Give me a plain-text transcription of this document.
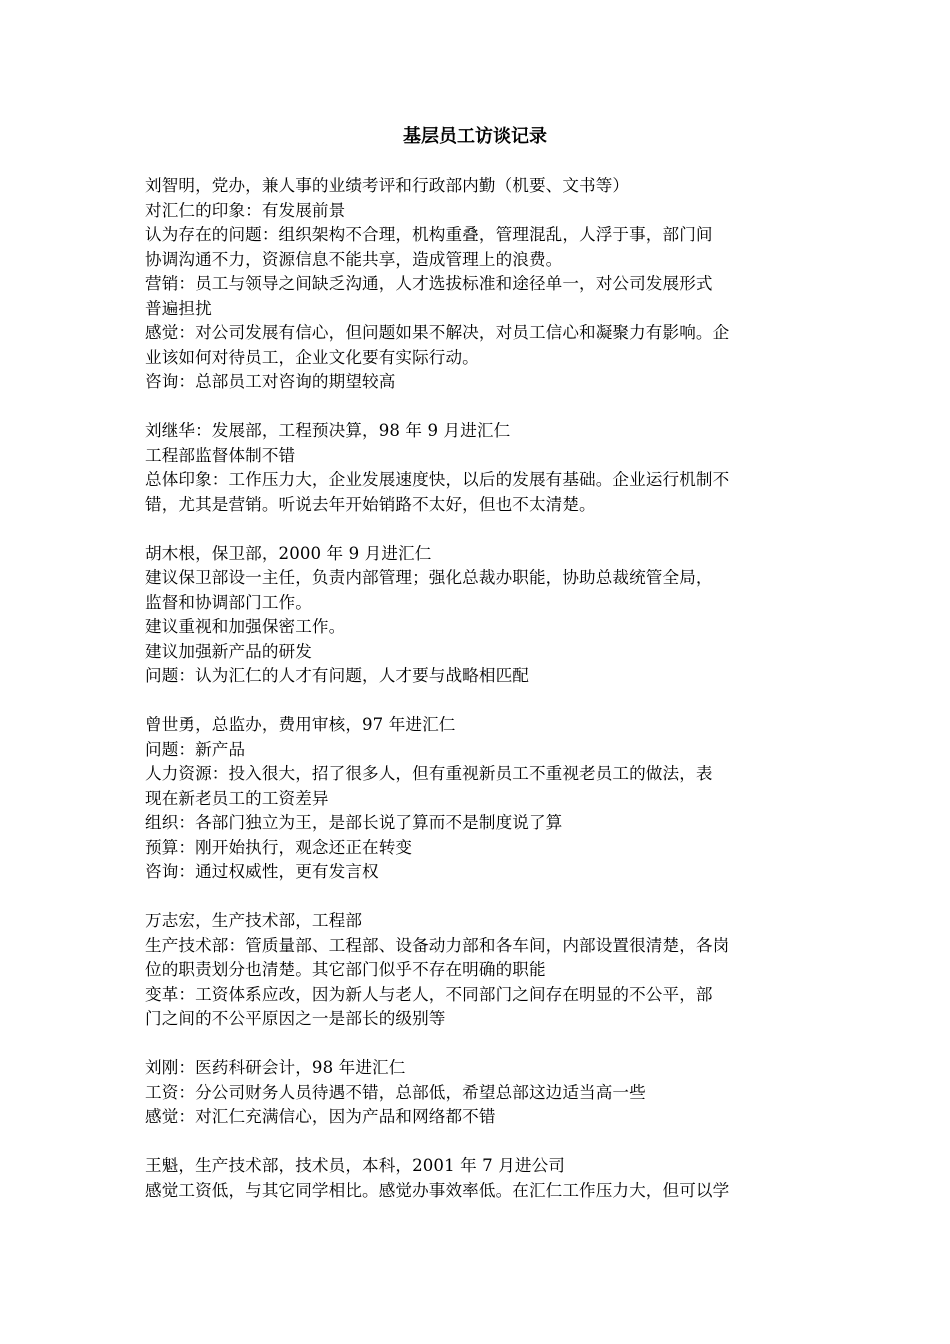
基层员工访谈记录
刘智明，党办，兼人事的业绩考评和行政部内勤（机要、文书等）
对汇仁的印象：有发展前景
认为存在的问题：组织架构不合理，机构重叠，管理混乱，人浮于事，部门间
协调沟通不力，资源信息不能共享，造成管理上的浪费。
营销：员工与领导之间缺乏沟通，人才选拔标准和途径单一，对公司发展形式
普遍担扰
感觉：对公司发展有信心，但问题如果不解决，对员工信心和凝聚力有影响。企
业该如何对待员工，企业文化要有实际行动。
咨询：总部员工对咨询的期望较高
刘继华：发展部，工程预决算，98 年 9 月进汇仁
工程部监督体制不错
总体印象：工作压力大，企业发展速度快，以后的发展有基础。企业运行机制不
错，尤其是营销。听说去年开始销路不太好，但也不太清楚。
胡木根，保卫部，2000 年 9 月进汇仁
建议保卫部设一主任，负责内部管理；强化总裁办职能，协助总裁统管全局，
监督和协调部门工作。
建议重视和加强保密工作。
建议加强新产品的研发
问题：认为汇仁的人才有问题，人才要与战略相匹配
曾世勇，总监办，费用审核，97 年进汇仁
问题：新产品
人力资源：投入很大，招了很多人，但有重视新员工不重视老员工的做法，表
现在新老员工的工资差异
组织：各部门独立为王，是部长说了算而不是制度说了算
预算：刚开始执行，观念还正在转变
咨询：通过权威性，更有发言权
万志宏，生产技术部，工程部
生产技术部：管质量部、工程部、设备动力部和各车间，内部设置很清楚，各岗
位的职责划分也清楚。其它部门似乎不存在明确的职能
变革：工资体系应改，因为新人与老人，不同部门之间存在明显的不公平，部
门之间的不公平原因之一是部长的级别等
刘刚：医药科研会计，98 年进汇仁
工资：分公司财务人员待遇不错，总部低，希望总部这边适当高一些
感觉：对汇仁充满信心，因为产品和网络都不错
王魁，生产技术部，技术员，本科，2001 年 7 月进公司
感觉工资低，与其它同学相比。感觉办事效率低。在汇仁工作压力大，但可以学
